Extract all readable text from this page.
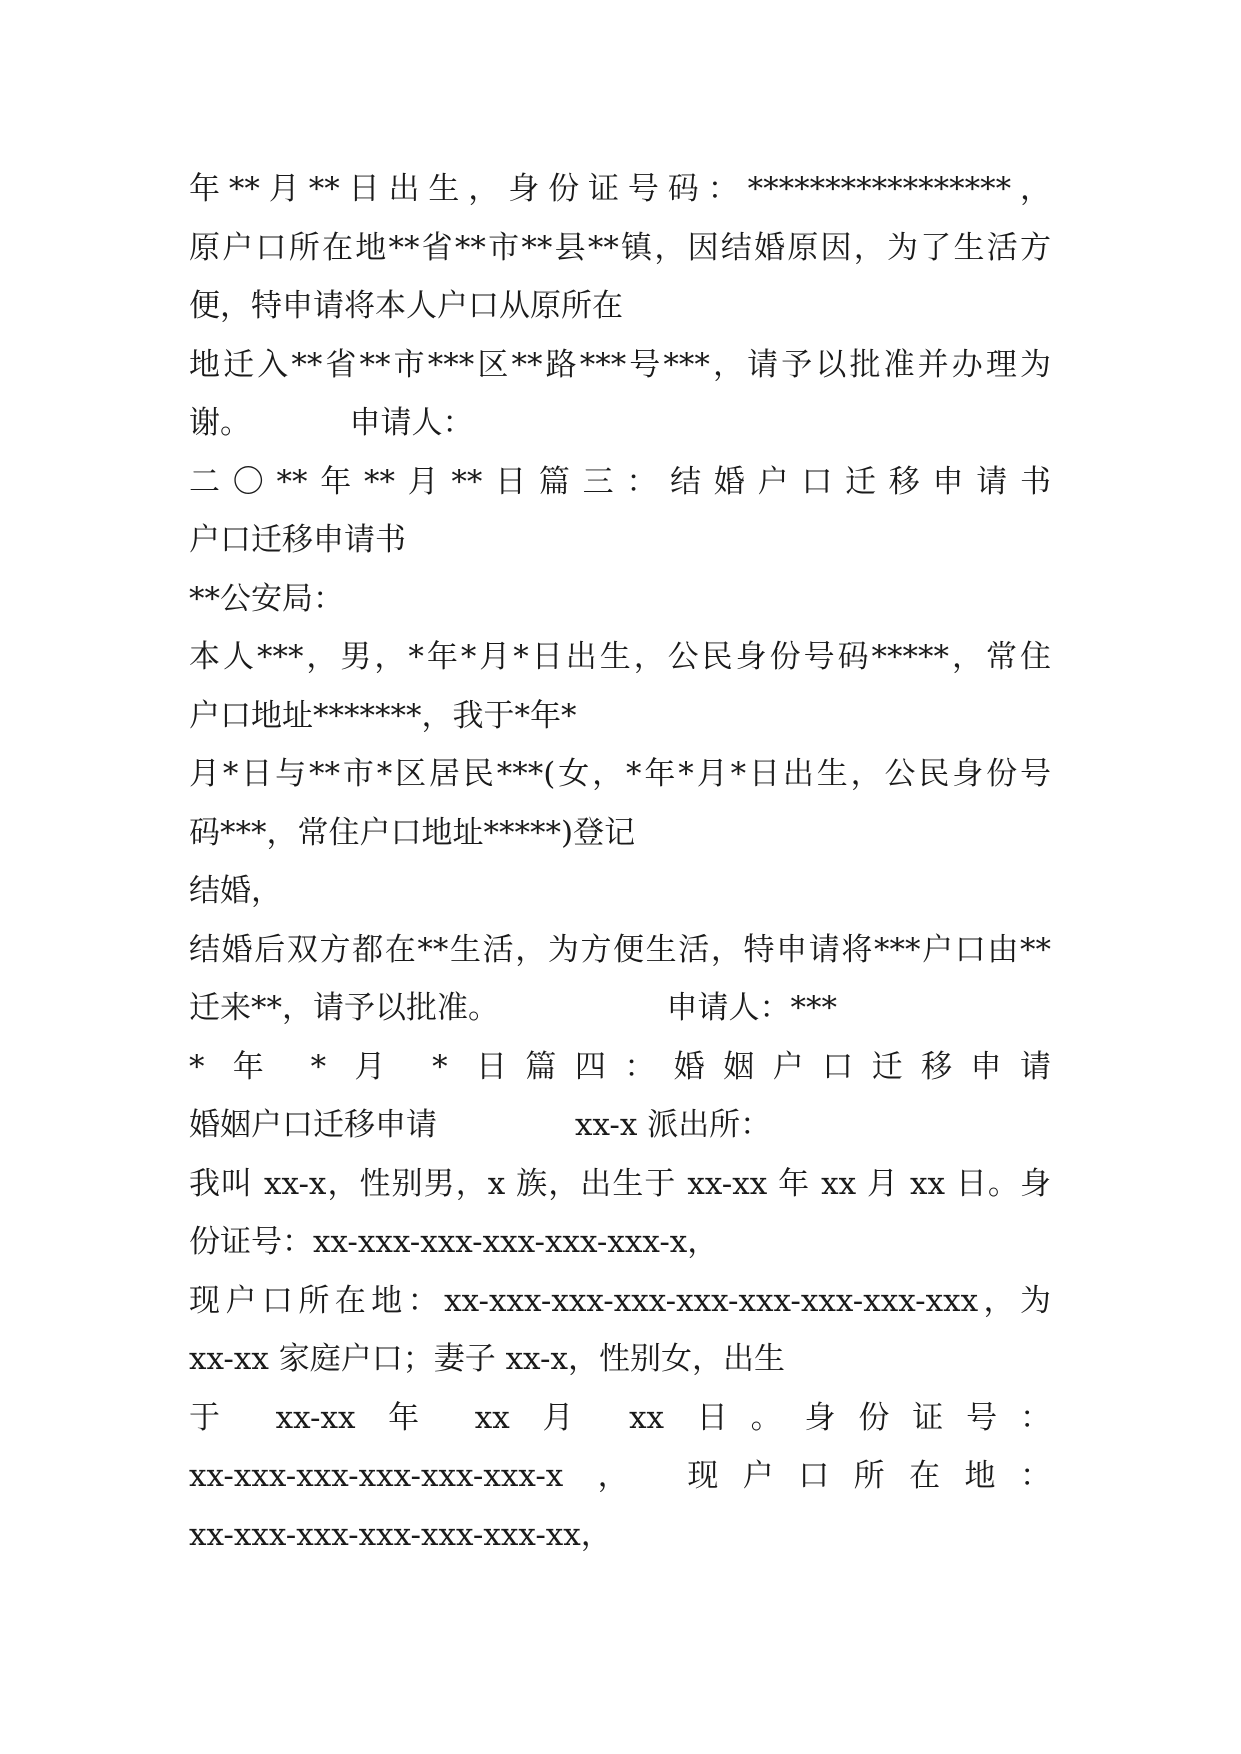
年**月**日出生，身份证号码：*****************，
原户口所在地**省**市**县**镇，因结婚原因，为了生活方
便，特申请将本人户口从原所在
地迁入**省**市***区**路***号***，请予以批准并办理为
谢。          申请人：
二〇**年**月**日篇三：结婚户口迁移申请书
户口迁移申请书
**公安局：
本人***，男，*年*月*日出生，公民身份号码*****，常住
户口地址*******，我于*年*
月*日与**市*区居民***(女，*年*月*日出生，公民身份号
码***，常住户口地址*****)登记
结婚，
结婚后双方都在**生活，为方便生活，特申请将***户口由**
迁来**，请予以批准。                 申请人：***
* 年 * 月 * 日篇四：婚姻户口迁移申请
婚姻户口迁移申请              xx-x 派出所：
我叫 xx-x，性别男，x 族，出生于 xx-xx 年 xx 月 xx 日。身
份证号：xx-xxx-xxx-xxx-xxx-xxx-x，
现户口所在地：xx-xxx-xxx-xxx-xxx-xxx-xxx-xxx-xxx，为
xx-xx 家庭户口；妻子 xx-x，性别女，出生
于 xx-xx 年 xx 月 xx 日。身份证号：
xx-xxx-xxx-xxx-xxx-xxx-x ， 现户口所在地：
xx-xxx-xxx-xxx-xxx-xxx-xx，
